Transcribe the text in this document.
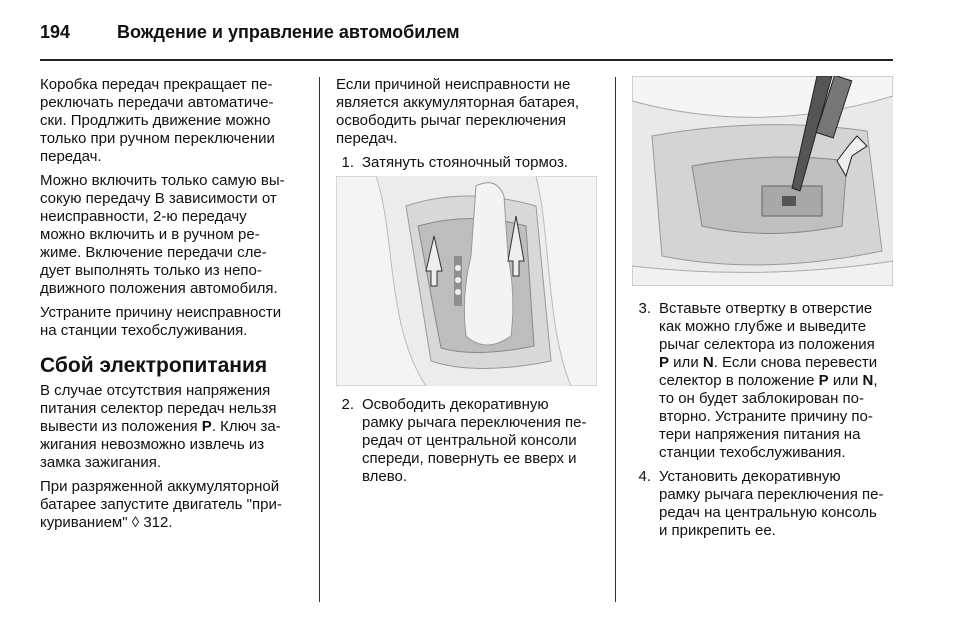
194	Вождение и управление автомобилем

Коробка передач прекращает пе-
реключать передачи автоматиче-
ски. Продлжить движение можно
только при ручном переключении
передач.

Можно включить только самую вы-
сокую передачу В зависимости от
неисправности, 2-ю передачу
можно включить и в ручном ре-
жиме. Включение передачи сле-
дует выполнять только из непо-
движного положения автомобиля.

Устраните причину неисправности
на станции техобслуживания.

Сбой электропитания

В случае отсутствия напряжения
питания селектор передач нельзя
вывести из положения P. Ключ за-
жигания невозможно извлечь из
замка зажигания.

При разряженной аккумуляторной
батарее запустите двигатель "при-
куриванием" ◊ 312.

Если причиной неисправности не
является аккумуляторная батарея,
освободить рычаг переключения
передач.

1. Затянуть стояночный тормоз.
2. Освободить декоративную
рамку рычага переключения пе-
редач от центральной консоли
спереди, повернуть ее вверх и
влево.
3. Вставьте отвертку в отверстие
как можно глубже и выведите
рычаг селектора из положения
P или N. Если снова перевести
селектор в положение P или N,
то он будет заблокирован по-
вторно. Устраните причину по-
тери напряжения питания на
станции техобслуживания.
4. Установить декоративную
рамку рычага переключения пе-
редач на центральную консоль
и прикрепить ее.
